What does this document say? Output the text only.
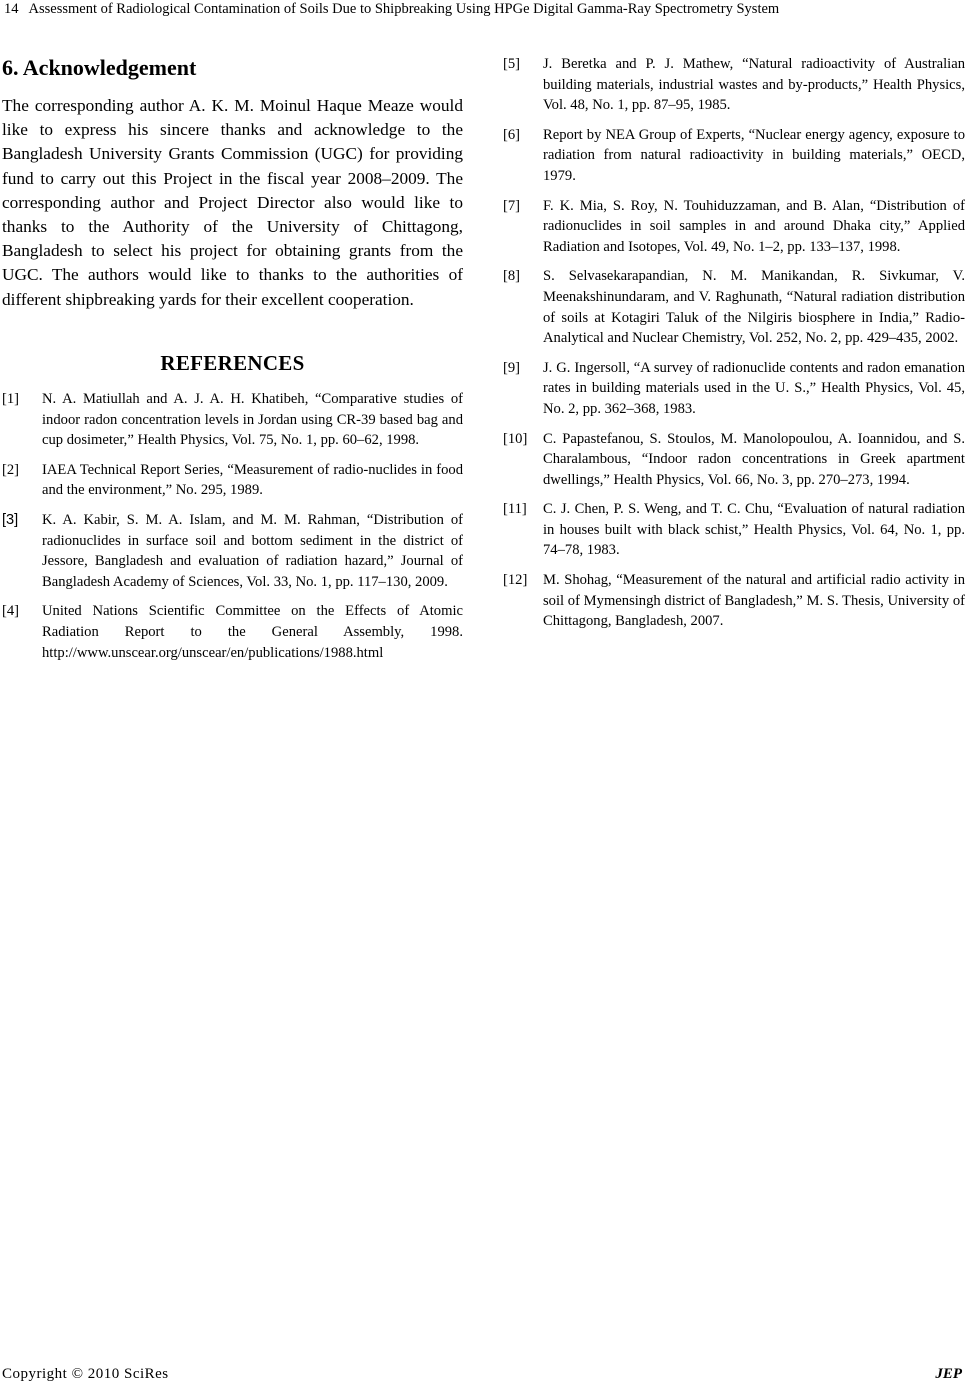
14 Assessment of Radiological Contamination of Soils Due to Shipbreaking Using HPGe Digital Gamma-Ray Spectrometry System
6. Acknowledgement

The corresponding author A. K. M. Moinul Haque Meaze would like to express his sincere thanks and acknowledge to the Bangladesh University Grants Commission (UGC) for providing fund to carry out this Project in the fiscal year 2008–2009. The corresponding author and Project Director also would like to thanks to the Authority of the University of Chittagong, Bangladesh to select his project for obtaining grants from the UGC. The authors would like to thanks to the authorities of different shipbreaking yards for their excellent cooperation.

REFERENCES
[1]	N. A. Matiullah and A. J. A. H. Khatibeh, “Comparative studies of indoor radon concentration levels in Jordan using CR-39 based bag and cup dosimeter,” Health Physics, Vol. 75, No. 1, pp. 60–62, 1998.
[2]	IAEA Technical Report Series, “Measurement of radio-nuclides in food and the environment,” No. 295, 1989.
[3]	K. A. Kabir, S. M. A. Islam, and M. M. Rahman, “Distribution of radionuclides in surface soil and bottom sediment in the district of Jessore, Bangladesh and evaluation of radiation hazard,” Journal of Bangladesh Academy of Sciences, Vol. 33, No. 1, pp. 117–130, 2009.
[4]	United Nations Scientific Committee on the Effects of Atomic Radiation Report to the General Assembly, 1998. http://www.unscear.org/unscear/en/publications/1988.html
[5]	J. Beretka and P. J. Mathew, “Natural radioactivity of Australian building materials, industrial wastes and by-products,” Health Physics, Vol. 48, No. 1, pp. 87–95, 1985.
[6]	Report by NEA Group of Experts, “Nuclear energy agency, exposure to radiation from natural radioactivity in building materials,” OECD, 1979.
[7]	F. K. Mia, S. Roy, N. Touhiduzzaman, and B. Alan, “Distribution of radionuclides in soil samples in and around Dhaka city,” Applied Radiation and Isotopes, Vol. 49, No. 1–2, pp. 133–137, 1998.
[8]	S. Selvasekarapandian, N. M. Manikandan, R. Sivkumar, V. Meenakshinundaram, and V. Raghunath, “Natural radiation distribution of soils at Kotagiri Taluk of the Nilgiris biosphere in India,” Radio-Analytical and Nuclear Chemistry, Vol. 252, No. 2, pp. 429–435, 2002.
[9]	J. G. Ingersoll, “A survey of radionuclide contents and radon emanation rates in building materials used in the U. S.,” Health Physics, Vol. 45, No. 2, pp. 362–368, 1983.
[10]	C. Papastefanou, S. Stoulos, M. Manolopoulou, A. Ioannidou, and S. Charalambous, “Indoor radon concentrations in Greek apartment dwellings,” Health Physics, Vol. 66, No. 3, pp. 270–273, 1994.
[11]	C. J. Chen, P. S. Weng, and T. C. Chu, “Evaluation of natural radiation in houses built with black schist,” Health Physics, Vol. 64, No. 1, pp. 74–78, 1983.
[12]	M. Shohag, “Measurement of the natural and artificial radio activity in soil of Mymensingh district of Bangladesh,” M. S. Thesis, University of Chittagong, Bangladesh, 2007.
Copyright © 2010 SciRes	JEP
